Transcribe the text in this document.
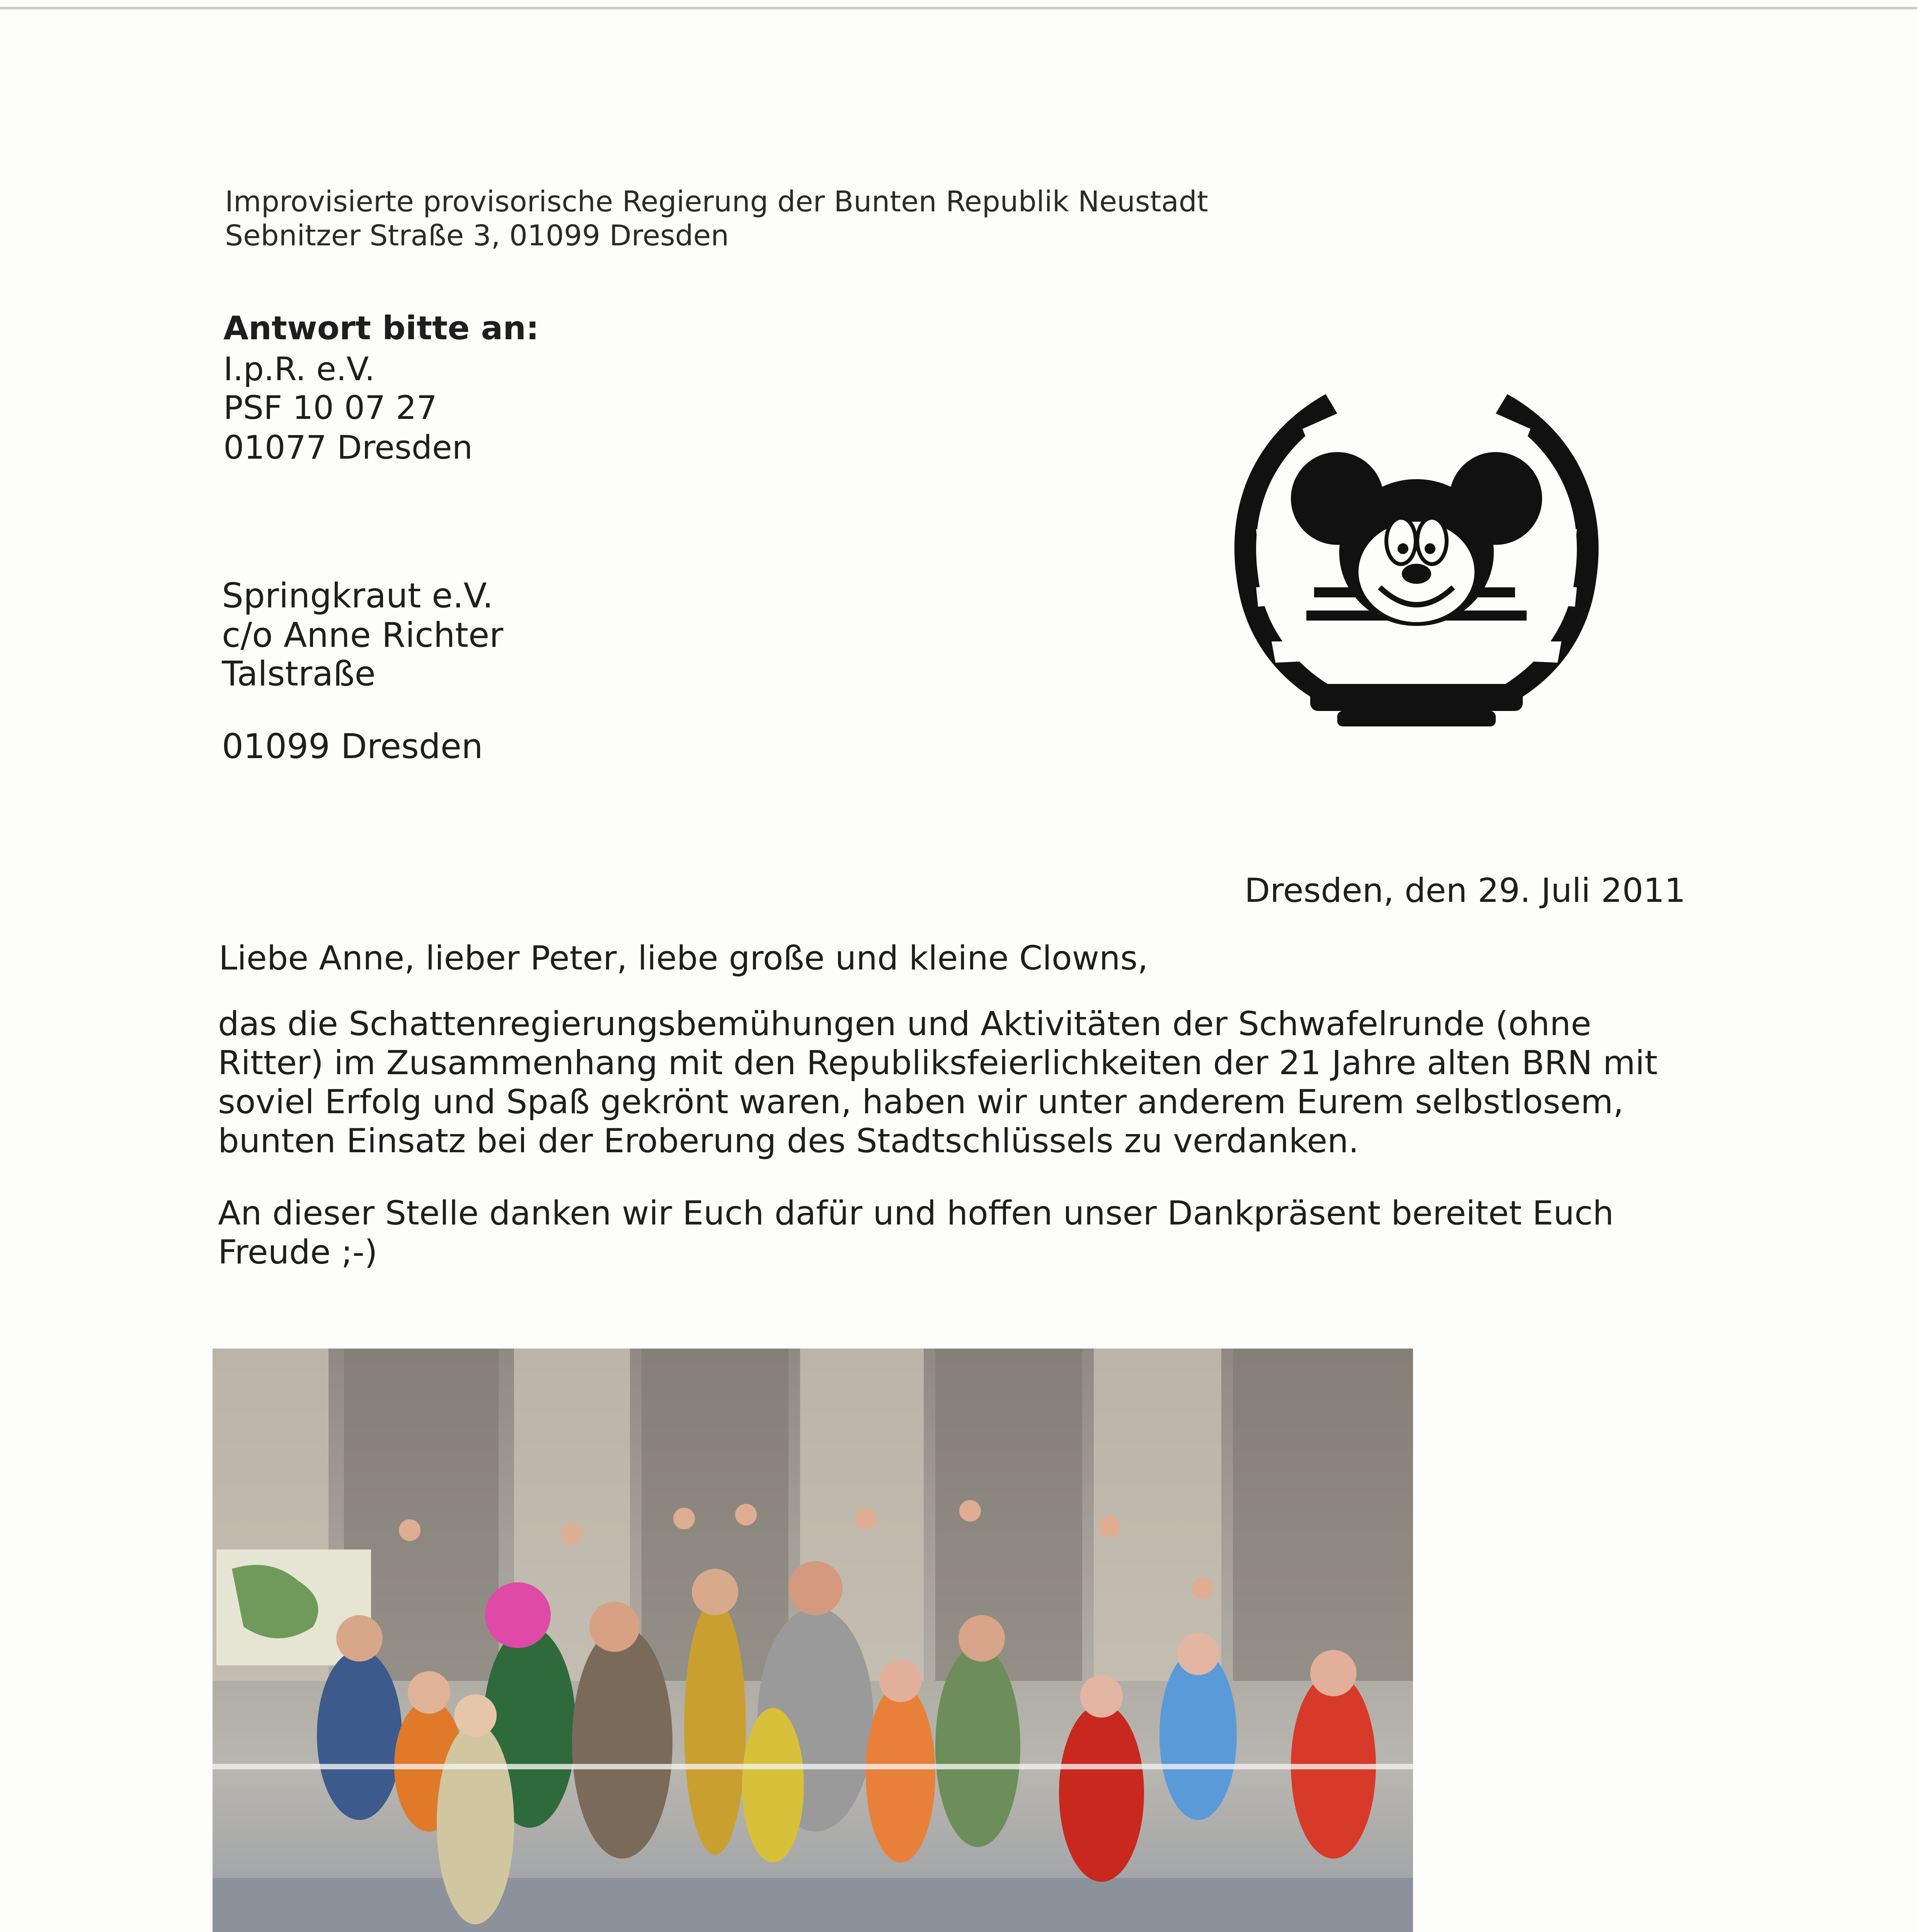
Improvisierte provisorische Regierung der Bunten Republik Neustadt
Sebnitzer Straße 3, 01099 Dresden
Antwort bitte an:
I.p.R. e.V.
PSF 10 07 27
01077 Dresden
Springkraut e.V.
c/o Anne Richter
Talstraße
01099 Dresden
Dresden, den 29. Juli 2011
Liebe Anne, lieber Peter, liebe große und kleine Clowns,
das die Schattenregierungsbemühungen und Aktivitäten der Schwafelrunde (ohne Ritter) im Zusammenhang mit den Republiksfeierlichkeiten der 21 Jahre alten BRN mit soviel Erfolg und Spaß gekrönt waren, haben wir unter anderem Eurem selbstlosem, bunten Einsatz bei der Eroberung des Stadtschlüssels zu verdanken.
An dieser Stelle danken wir Euch dafür und hoffen unser Dankpräsent bereitet Euch Freude ;-)
